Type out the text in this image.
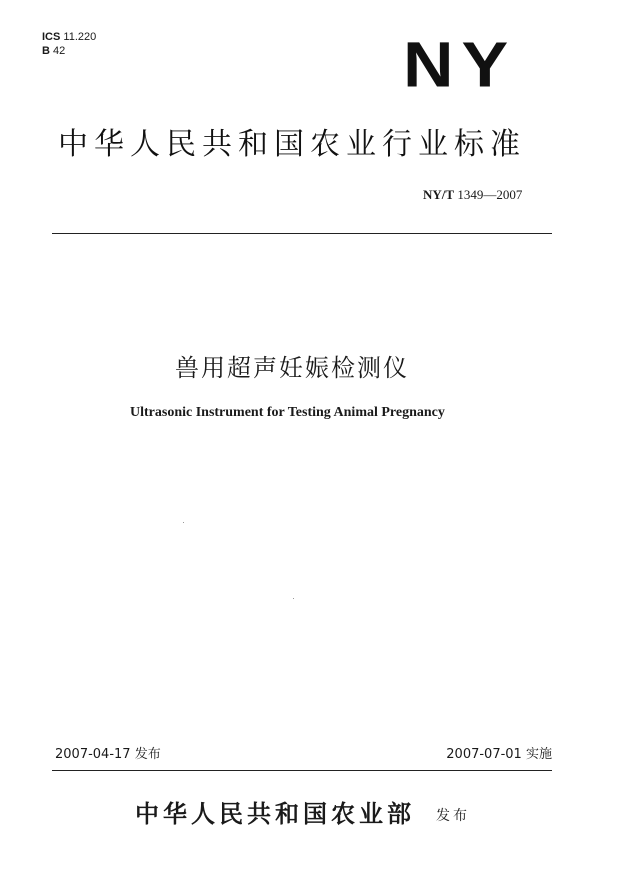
ICS 11.220
B 42	NY
中华人民共和国农业行业标准
NY/T 1349—2007
兽用超声妊娠检测仪
Ultrasonic Instrument for Testing Animal Pregnancy
2007-04-17 发布	2007-07-01 实施
中华人民共和国农业部 发布
